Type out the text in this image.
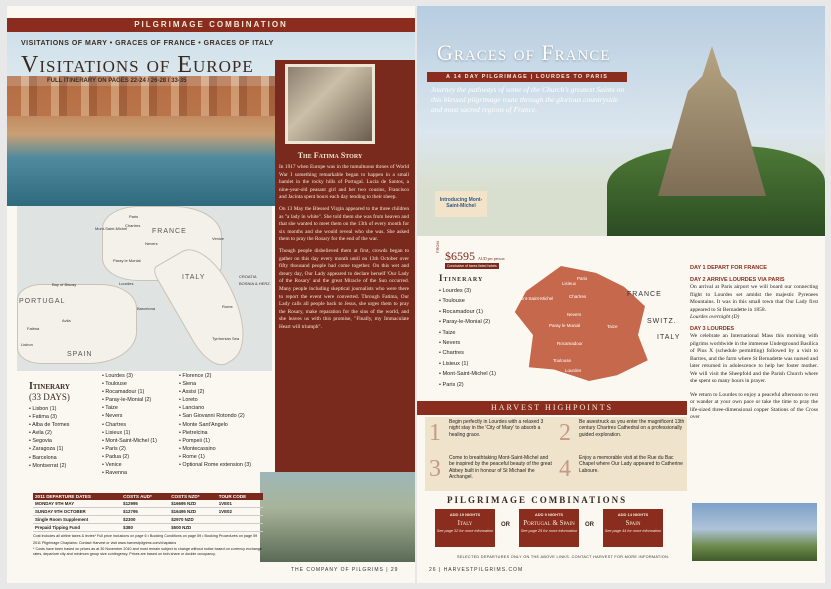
PILGRIMAGE COMBINATION
VISITATIONS OF MARY • GRACES OF FRANCE • GRACES OF ITALY
Visitations of Europe
FULL ITINERARY ON PAGES 22-24 / 26-28 / 33-35
FRANCE
ITALY
PORTUGAL
SPAIN
CROATIA
BOSNIA & HERZ.
Bay of Biscay
Tyrrhenian Sea
Paris
Mont-Saint-Michel
Chartres
Nevers
Paray le Monial
Lourdes
Venice
Rome
Fatima
Lisbon
Avila
Barcelona
The Fatima Story

In 1917 when Europe was in the tumultuous throes of World War I something remarkable began to happen in a small hamlet in the rocky hills of Portugal. Lucia de Santos, a nine-year-old peasant girl and her two cousins, Francisco and Jacinta spent hours each day tending to their sheep.

On 13 May the Blessed Virgin appeared to the three children as "a lady in white". She told them she was from heaven and that she wanted to meet them on the 13th of every month for six months and she would reveal who she was. She asked them to pray the Rosary for the end of the war.

Though people disbelieved them at first, crowds began to gather on this day every month until on 13th October over fifty thousand people had come together. On this wet and dreary day, Our Lady appeared to declare herself 'Our Lady of the Rosary' and the great Miracle of the Sun occurred. Many people including skeptical journalists who were there to report the event were converted. Through Fatima, Our Lady calls all people back to Jesus, she urges them to pray the Rosary, make reparation for the sins of the world, and she leaves us with this promise, "Finally, my Immaculate Heart will triumph".

Itinerary
(33 DAYS)
• Lisbon (1)
• Fatima (3)
• Alba de Tormes
• Avila (2)
• Segovia
• Zaragoza (1)
• Barcelona
• Montserrat (2)
• Lourdes (3)
• Toulouse
• Rocamadour (1)
• Paray-le-Monial (2)
• Taize
• Nevers
• Chartres
• Lisieux (1)
• Mont-Saint-Michel (1)
• Paris (2)
• Padua (2)
• Venice
• Ravenna
• Florence (2)
• Siena
• Assisi (2)
• Loreto
• Lanciano
• San Giovanni Rotondo (2)
• Monte Sant'Angelo
• Pietrelcina
• Pompeii (1)
• Montecassino
• Rome (1)
• Optional Rome extension (3)
2011 DEPARTURE DATES	COSTS AUD*	COSTS NZD*	TOUR CODE
MONDAY 9TH MAY	$12995	$16695 NZD	1VE01
SUNDAY 9TH OCTOBER	$12795	$16495 NZD	1VE02
Single Room Supplement	$2300	$2970 NZD	
Prepaid Tipping Fund	$380	$500 NZD	
Cost includes all airline taxes & levies* Full price inclusions on page 6 • Booking Conditions on page 59 • Booking Procedures on page 59
2011 Pilgrimage Chaplains: Contact Harvest or visit www.harvestpilgrims.com/chaplains
* Costs have been based on prices as at 30 November 2010 and must remain subject to change without notice based on currency exchange rates, departure city and minimum group size contingency. Prices are based on twin share or double occupancy.
THE COMPANY OF PILGRIMS | 29
Graces of France
A 14 DAY PILGRIMAGE | LOURDES TO PARIS
Journey the pathways of some of the Church's greatest Saints on this blessed pilgrimage route through the glorious countryside and most sacred regions of France.
Introducing Mont-Saint-Michel
FROM
$6595 AUD per person
Conclusive of taxes listed hotels
Itinerary
• Lourdes (3)
• Toulouse
• Rocamadour (1)
• Paray-le-Monial (2)
• Taize
• Nevers
• Chartres
• Lisieux (1)
• Mont-Saint-Michel (1)
• Paris (2)
FRANCE
SWITZ.
ITALY
Paris
Lisieux
Mont-Saint-Michel	Chartres
Nevers
Paray le Monial	Taize
Rocamadour
Toulouse
Lourdes
HARVEST HIGHPOINTS
1 Begin perfectly in Lourdes with a relaxed 3 night stay in the 'City of Mary' to absorb a healing grace.	2 Be awestruck as you enter the magnificent 13th century Chartres Cathedral on a professionally guided exploration.
3 Come to breathtaking Mont-Saint-Michel and be inspired by the peaceful beauty of the great Abbey built in honour of St Michael the Archangel.	4 Enjoy a memorable visit at the Rue du Bac Chapel where Our Lady appeared to Catherine Laboure.
PILGRIMAGE COMBINATIONS
ADD 19 NIGHTS
Italy
See page 32 for more information
OR
ADD 9 NIGHTS
Portugal & Spain
See page 25 for more information
OR
ADD 14 NIGHTS
Spain
See page 44 for more information
SELECTED DEPARTURES ONLY ON THE ABOVE LINKS. CONTACT HARVEST FOR MORE INFORMATION.
26 | HARVESTPILGRIMS.COM
DAY 1 DEPART FOR FRANCE
DAY 2 ARRIVE LOURDES VIA PARIS

On arrival at Paris airport we will board our connecting flight to Lourdes set amidst the majestic Pyrenees Mountains. It was in this small town that Our Lady first appeared to St Bernadette in 1858.

Lourdes overnight (D)

DAY 3 LOURDES

We celebrate an International Mass this morning with pilgrims worldwide in the immense Underground Basilica of Pius X (schedule permitting) followed by a visit to Bartres, and the farm where St Bernadette was nursed and later returned in adolescence to help her foster mother. We will visit the Sheepfold and the Parish Church where she spent so many hours in prayer.

We return to Lourdes to enjoy a peaceful afternoon to rest or wander at your own pace or take the time to pray the life-sized three-dimensional copper Stations of the Cross over
